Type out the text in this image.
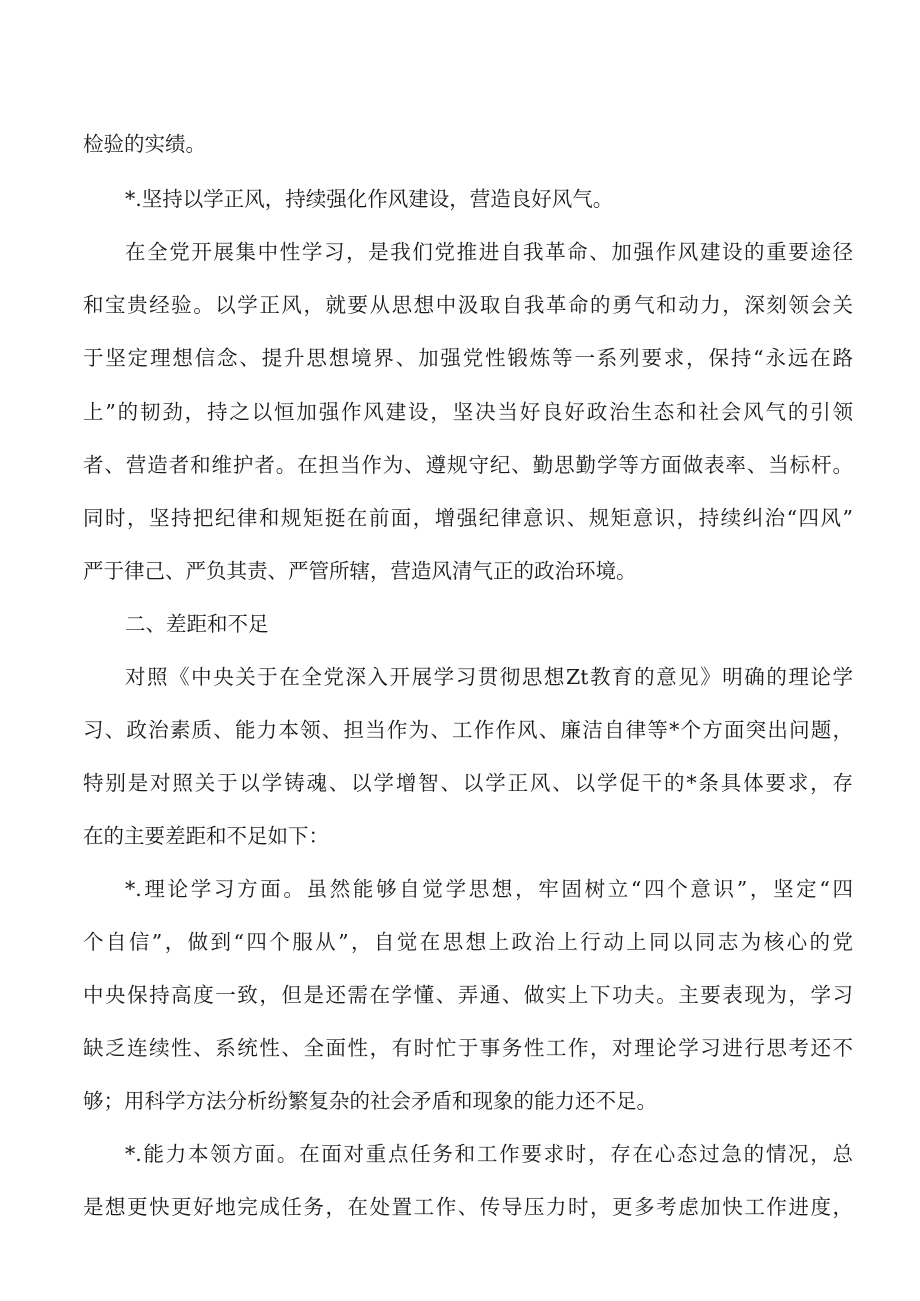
检验的实绩。
*.坚持以学正风，持续强化作风建设，营造良好风气。
在全党开展集中性学习，是我们党推进自我革命、加强作风建设的重要途径
和宝贵经验。以学正风，就要从思想中汲取自我革命的勇气和动力，深刻领会关
于坚定理想信念、提升思想境界、加强党性锻炼等一系列要求，保持“永远在路
上”的韧劲，持之以恒加强作风建设，坚决当好良好政治生态和社会风气的引领
者、营造者和维护者。在担当作为、遵规守纪、勤思勤学等方面做表率、当标杆。
同时，坚持把纪律和规矩挺在前面，增强纪律意识、规矩意识，持续纠治“四风”
严于律己、严负其责、严管所辖，营造风清气正的政治环境。
二、差距和不足
对照《中央关于在全党深入开展学习贯彻思想Zt教育的意见》明确的理论学
习、政治素质、能力本领、担当作为、工作作风、廉洁自律等*个方面突出问题，
特别是对照关于以学铸魂、以学增智、以学正风、以学促干的*条具体要求，存
在的主要差距和不足如下：
*.理论学习方面。虽然能够自觉学思想，牢固树立“四个意识”，坚定“四
个自信”，做到“四个服从”，自觉在思想上政治上行动上同以同志为核心的党
中央保持高度一致，但是还需在学懂、弄通、做实上下功夫。主要表现为，学习
缺乏连续性、系统性、全面性，有时忙于事务性工作，对理论学习进行思考还不
够；用科学方法分析纷繁复杂的社会矛盾和现象的能力还不足。
*.能力本领方面。在面对重点任务和工作要求时，存在心态过急的情况，总
是想更快更好地完成任务，在处置工作、传导压力时，更多考虑加快工作进度，
